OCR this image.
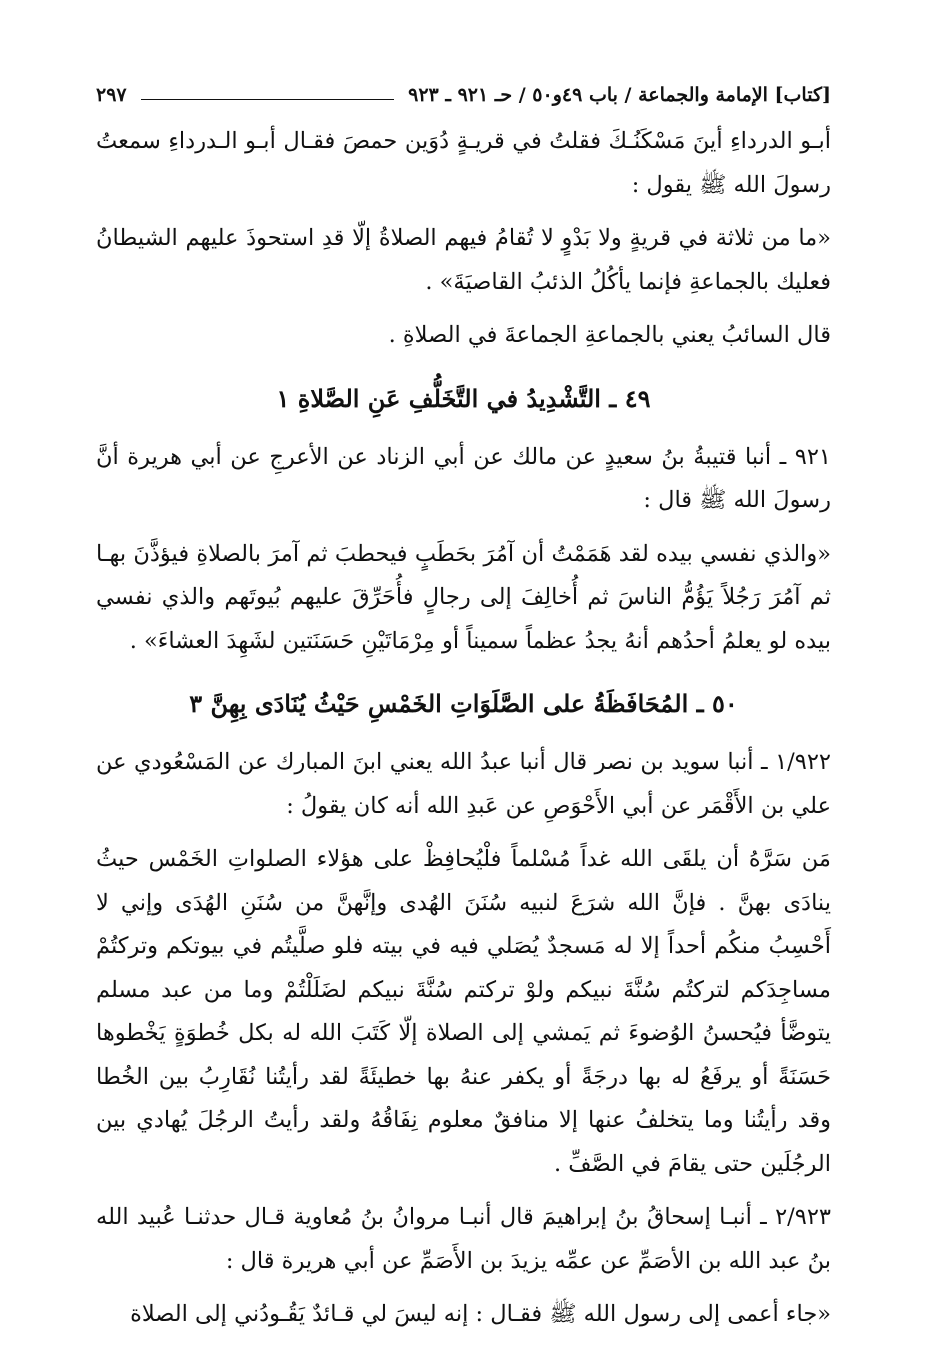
[كتاب] الإمامة والجماعة / باب ٤٩و٥٠ / حـ ٩٢١ ـ ٩٢٣
٢٩٧

أبـو الدرداءِ أينَ مَسْكَنُـكَ فقلتُ في قريـةٍ دُوَين حمصَ فقـال أبـو الـدرداءِ سمعتُ رسولَ الله ﷺ يقول :

«ما من ثلاثة في قريةٍ ولا بَدْوٍ لا تُقامُ فيهم الصلاةُ إلّا قدِ استحوذَ عليهم الشيطانُ فعليك بالجماعةِ فإنما يأكُلُ الذئبُ القاصيَةَ» .

قال السائبُ يعني بالجماعةِ الجماعةَ في الصلاةِ .

٤٩ ـ التَّشْدِيدُ في التَّخَلُّفِ عَنِ الصَّلاةِ ١

٩٢١ ـ أنبا قتيبةُ بنُ سعيدٍ عن مالك عن أبي الزناد عن الأعرجِ عن أبي هريرة أنَّ رسولَ الله ﷺ قال :

«والذي نفسي بيده لقد هَمَمْتُ أن آمُرَ بحَطَبٍ فيحطبَ ثم آمرَ بالصلاةِ فيؤذَّنَ بهـا ثم آمُرَ رَجُلاً يَؤُمُّ الناسَ ثم أُخالِفَ إلى رجالٍ فأُحَرِّقَ عليهم بُيوتَهم والذي نفسي بيده لو يعلمُ أحدُهم أنهُ يجدُ عظماً سميناً أو مِرْمَاتَيْنِ حَسَنَتين لشَهِدَ العشاءَ» .

٥٠ ـ المُحَافَظَةُ على الصَّلَوَاتِ الخَمْسِ حَيْثُ يُنَادَى بِهِنَّ ٣

١/٩٢٢ ـ أنبا سويد بن نصر قال أنبا عبدُ الله يعني ابنَ المبارك عن المَسْعُودي عن علي بن الأَقْمَر عن أبي الأَحْوَصِ عن عَبدِ الله أنه كان يقولُ :

مَن سَرَّهُ أن يلقَى الله غداً مُسْلماً فلْيُحافِظْ على هؤلاء الصلواتِ الخَمْس حيثُ ينادَى بهنَّ . فإنَّ الله شرَعَ لنبيه سُنَنَ الهُدى وإنَّهنَّ من سُنَنِ الهُدَى وإني لا أَحْسِبُ منكُم أحداً إلا له مَسجدٌ يُصَلي فيه في بيته فلو صلَّيتُم في بيوتكم وتركتُمْ مساجِدَكم لتركتُم سُنَّةَ نبيكم ولوْ تركتم سُنَّةَ نبيكم لضَلَلْتُمْ وما من عبد مسلم يتوضَّأ فيُحسنُ الوُضوءَ ثم يَمشي إلى الصلاة إلّا كَتَبَ الله له بكل خُطوَةٍ يَخْطوها حَسَنَةً أو يرفَعُ له بها درجَةً أو يكفر عنهُ بها خطيئَةً لقد رأيتُنا نُقَارِبُ بين الخُطا وقد رأيتُنا وما يتخلفُ عنها إلا منافقٌ معلوم نِفَاقُهُ ولقد رأيتُ الرجُلَ يُهادي بين الرجُلَين حتى يقامَ في الصَّفِّ .

٢/٩٢٣ ـ أنبـا إسحاقُ بنُ إبراهيمَ قال أنبـا مروانُ بنُ مُعاوية قـال حدثنـا عُبيد الله بنُ عبد الله بن الأصَمِّ عن عمِّه يزيدَ بن الأَصَمِّ عن أبي هريرة قال :

«جاء أعمى إلى رسول الله ﷺ فقـال : إنه ليسَ لي قـائدٌ يَقُـودُني إلى الصلاة
